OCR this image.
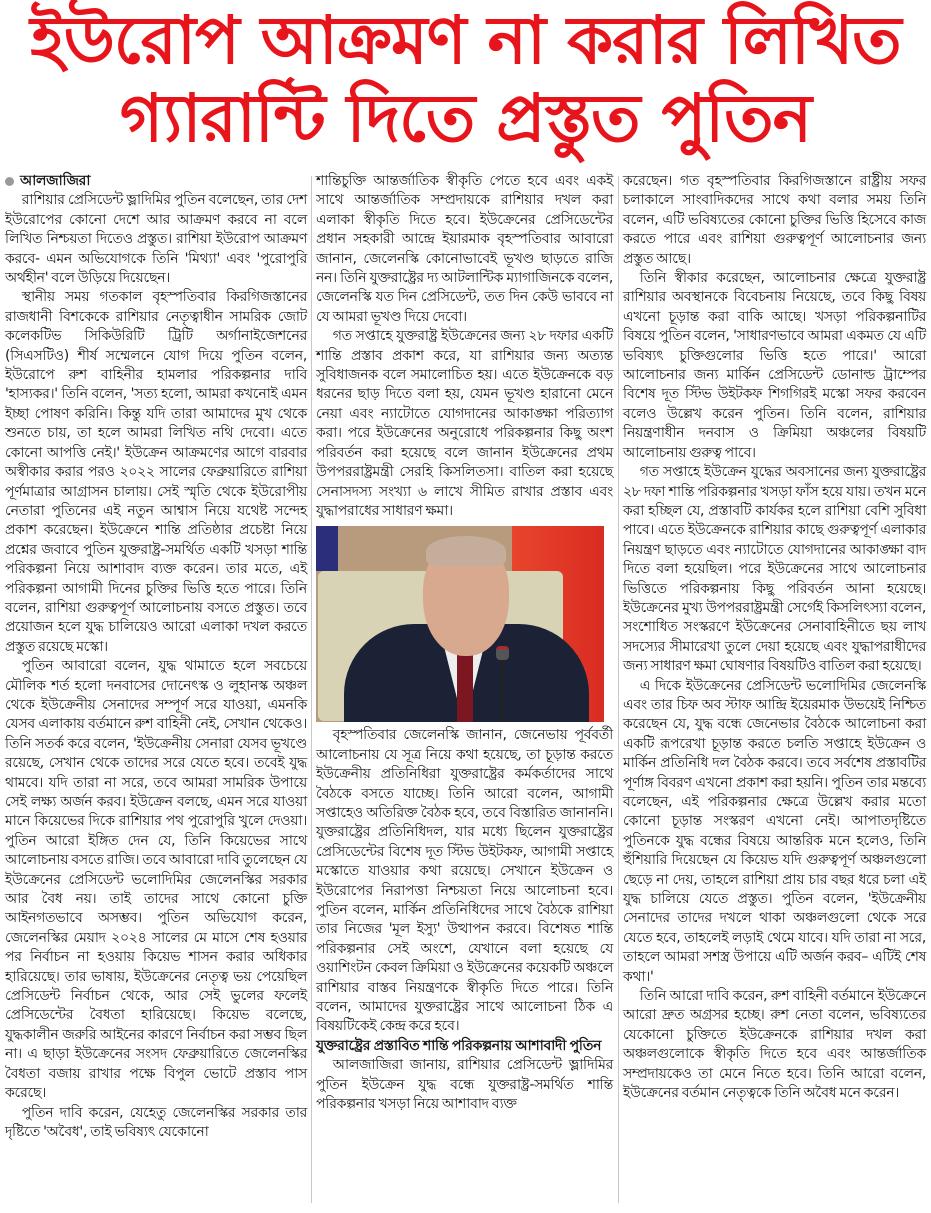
ইউরোপ আক্রমণ না করার লিখিত
গ্যারান্টি দিতে প্রস্তুত পুতিন

আলজাজিরা

রাশিয়ার প্রেসিডেন্ট ভ্লাদিমির পুতিন বলেছেন, তার দেশ ইউরোপের কোনো দেশে আর আক্রমণ করবে না বলে লিখিত নিশ্চয়তা দিতেও প্রস্তুত। রাশিয়া ইউরোপ আক্রমণ করবে- এমন অভিযোগকে তিনি 'মিথ্যা' এবং 'পুরোপুরি অর্থহীন' বলে উড়িয়ে দিয়েছেন।

স্থানীয় সময় গতকাল বৃহস্পতিবার কিরগিজস্তানের রাজধানী বিশকেকে রাশিয়ার নেতৃত্বাধীন সামরিক জোট কলেকটিভ সিকিউরিটি ট্রিটি অর্গানাইজেশনের (সিএসটিও) শীর্ষ সম্মেলনে যোগ দিয়ে পুতিন বলেন, ইউরোপে রুশ বাহিনীর হামলার পরিকল্পনার দাবি 'হাস্যকর।' তিনি বলেন, 'সত্য হলো, আমরা কখনোই এমন ইচ্ছা পোষণ করিনি। কিন্তু যদি তারা আমাদের মুখ থেকে শুনতে চায়, তা হলে আমরা লিখিত নথি দেবো। এতে কোনো আপত্তি নেই।' ইউক্রেন আক্রমণের আগে বারবার অস্বীকার করার পরও ২০২২ সালের ফেব্রুয়ারিতে রাশিয়া পূর্ণমাত্রার আগ্রাসন চালায়। সেই স্মৃতি থেকে ইউরোপীয় নেতারা পুতিনের এই নতুন আশ্বাস নিয়ে যথেষ্ট সন্দেহ প্রকাশ করেছেন। ইউক্রেনে শান্তি প্রতিষ্ঠার প্রচেষ্টা নিয়ে প্রশ্নের জবাবে পুতিন যুক্তরাষ্ট্র-সমর্থিত একটি খসড়া শান্তি পরিকল্পনা নিয়ে আশাবাদ ব্যক্ত করেন। তার মতে, এই পরিকল্পনা আগামী দিনের চুক্তির ভিত্তি হতে পারে। তিনি বলেন, রাশিয়া গুরুত্বপূর্ণ আলোচনায় বসতে প্রস্তুত। তবে প্রয়োজন হলে যুদ্ধ চালিয়েও আরো এলাকা দখল করতে প্রস্তুত রয়েছে মস্কো।

পুতিন আবারো বলেন, যুদ্ধ থামাতে হলে সবচেয়ে মৌলিক শর্ত হলো দনবাসের দোনেৎস্ক ও লুহানস্ক অঞ্চল থেকে ইউক্রেনীয় সেনাদের সম্পূর্ণ সরে যাওয়া, এমনকি যেসব এলাকায় বর্তমানে রুশ বাহিনী নেই, সেখান থেকেও। তিনি সতর্ক করে বলেন, 'ইউক্রেনীয় সেনারা যেসব ভূখণ্ডে রয়েছে, সেখান থেকে তাদের সরে যেতে হবে। তবেই যুদ্ধ থামবে। যদি তারা না সরে, তবে আমরা সামরিক উপায়ে সেই লক্ষ্য অর্জন করব। ইউক্রেন বলছে, এমন সরে যাওয়া মানে কিয়েভের দিকে রাশিয়ার পথ পুরোপুরি খুলে দেওয়া। পুতিন আরো ইঙ্গিত দেন যে, তিনি কিয়েভের সাথে আলোচনায় বসতে রাজি। তবে আবারো দাবি তুলেছেন যে ইউক্রেনের প্রেসিডেন্ট ভলোদিমির জেলেনস্কির সরকার আর বৈধ নয়। তাই তাদের সাথে কোনো চুক্তি আইনগতভাবে অসম্ভব। পুতিন অভিযোগ করেন, জেলেনস্কির মেয়াদ ২০২৪ সালের মে মাসে শেষ হওয়ার পর নির্বাচন না হওয়ায় কিয়েভ শাসন করার অধিকার হারিয়েছে। তার ভাষায়, ইউক্রেনের নেতৃত্ব ভয় পেয়েছিল প্রেসিডেন্ট নির্বাচন থেকে, আর সেই ভুলের ফলেই প্রেসিডেন্টের বৈধতা হারিয়েছে। কিয়েভ বলেছে, যুদ্ধকালীন জরুরি আইনের কারণে নির্বাচন করা সম্ভব ছিল না। এ ছাড়া ইউক্রেনের সংসদ ফেব্রুয়ারিতে জেলেনস্কির বৈধতা বজায় রাখার পক্ষে বিপুল ভোটে প্রস্তাব পাস করেছে।

পুতিন দাবি করেন, যেহেতু জেলেনস্কির সরকার তার দৃষ্টিতে 'অবৈধ', তাই ভবিষ্যৎ যেকোনো

শান্তিচুক্তি আন্তর্জাতিক স্বীকৃতি পেতে হবে এবং একই সাথে আন্তর্জাতিক সম্প্রদায়কে রাশিয়ার দখল করা এলাকা স্বীকৃতি দিতে হবে। ইউক্রেনের প্রেসিডেন্টের প্রধান সহকারী আন্দ্রে ইয়ারমাক বৃহস্পতিবার আবারো জানান, জেলেনস্কি কোনোভাবেই ভূখণ্ড ছাড়তে রাজি নন। তিনি যুক্তরাষ্ট্রের দ্য আটলান্টিক ম্যাগাজিনকে বলেন, জেলেনস্কি যত দিন প্রেসিডেন্ট, তত দিন কেউ ভাববে না যে আমরা ভূখণ্ড দিয়ে দেবো।

গত সপ্তাহে যুক্তরাষ্ট্র ইউক্রেনের জন্য ২৮ দফার একটি শান্তি প্রস্তাব প্রকাশ করে, যা রাশিয়ার জন্য অত্যন্ত সুবিধাজনক বলে সমালোচিত হয়। এতে ইউক্রেনকে বড় ধরনের ছাড় দিতে বলা হয়, যেমন ভূখণ্ড হারানো মেনে নেয়া এবং ন্যাটোতে যোগদানের আকাঙ্ক্ষা পরিত্যাগ করা। পরে ইউক্রেনের অনুরোধে পরিকল্পনার কিছু অংশ পরিবর্তন করা হয়েছে বলে জানান ইউক্রেনের প্রথম উপপররাষ্ট্রমন্ত্রী সেরহি কিসলিতসা। বাতিল করা হয়েছে সেনাসদস্য সংখ্যা ৬ লাখে সীমিত রাখার প্রস্তাব এবং যুদ্ধাপরাধের সাধারণ ক্ষমা।

বৃহস্পতিবার জেলেনস্কি জানান, জেনেভায় পূর্ববর্তী আলোচনায় যে সূত্র নিয়ে কথা হয়েছে, তা চূড়ান্ত করতে ইউক্রেনীয় প্রতিনিধিরা যুক্তরাষ্ট্রের কর্মকর্তাদের সাথে বৈঠকে বসতে যাচ্ছে। তিনি আরো বলেন, আগামী সপ্তাহেও অতিরিক্ত বৈঠক হবে, তবে বিস্তারিত জানাননি। যুক্তরাষ্ট্রের প্রতিনিধিদল, যার মধ্যে ছিলেন যুক্তরাষ্ট্রের প্রেসিডেন্টের বিশেষ দূত স্টিভ উইটকফ, আগামী সপ্তাহে মস্কোতে যাওয়ার কথা রয়েছে। সেখানে ইউক্রেন ও ইউরোপের নিরাপত্তা নিশ্চয়তা নিয়ে আলোচনা হবে। পুতিন বলেন, মার্কিন প্রতিনিধিদের সাথে বৈঠকে রাশিয়া তার নিজের 'মূল ইস্যু' উত্থাপন করবে। বিশেষত শান্তি পরিকল্পনার সেই অংশে, যেখানে বলা হয়েছে যে ওয়াশিংটন কেবল ক্রিমিয়া ও ইউক্রেনের কয়েকটি অঞ্চলে রাশিয়ার বাস্তব নিয়ন্ত্রণকে স্বীকৃতি দিতে পারে। তিনি বলেন, আমাদের যুক্তরাষ্ট্রের সাথে আলোচনা ঠিক এ বিষয়টিকেই কেন্দ্র করে হবে।

যুক্তরাষ্ট্রের প্রস্তাবিত শান্তি পরিকল্পনায় আশাবাদী পুতিন

আলজাজিরা জানায়, রাশিয়ার প্রেসিডেন্ট ভ্লাদিমির পুতিন ইউক্রেন যুদ্ধ বন্ধে যুক্তরাষ্ট্র-সমর্থিত শান্তি পরিকল্পনার খসড়া নিয়ে আশাবাদ ব্যক্ত

করেছেন। গত বৃহস্পতিবার কিরগিজস্তানে রাষ্ট্রীয় সফর চলাকালে সাংবাদিকদের সাথে কথা বলার সময় তিনি বলেন, এটি ভবিষ্যতের কোনো চুক্তির ভিত্তি হিসেবে কাজ করতে পারে এবং রাশিয়া গুরুত্বপূর্ণ আলোচনার জন্য প্রস্তুত আছে।

তিনি স্বীকার করেছেন, আলোচনার ক্ষেত্রে যুক্তরাষ্ট্র রাশিয়ার অবস্থানকে বিবেচনায় নিয়েছে, তবে কিছু বিষয় এখনো চূড়ান্ত করা বাকি আছে। খসড়া পরিকল্পনাটির বিষয়ে পুতিন বলেন, 'সাধারণভাবে আমরা একমত যে এটি ভবিষ্যৎ চুক্তিগুলোর ভিত্তি হতে পারে।' আরো আলোচনার জন্য মার্কিন প্রেসিডেন্ট ডোনাল্ড ট্রাম্পের বিশেষ দূত স্টিভ উইটকফ শিগগিরই মস্কো সফর করবেন বলেও উল্লেখ করেন পুতিন। তিনি বলেন, রাশিয়ার নিয়ন্ত্রণাধীন দনবাস ও ক্রিমিয়া অঞ্চলের বিষয়টি আলোচনায় গুরুত্ব পাবে।

গত সপ্তাহে ইউক্রেন যুদ্ধের অবসানের জন্য যুক্তরাষ্ট্রের ২৮ দফা শান্তি পরিকল্পনার খসড়া ফাঁস হয়ে যায়। তখন মনে করা হচ্ছিল যে, প্রস্তাবটি কার্যকর হলে রাশিয়া বেশি সুবিধা পাবে। এতে ইউক্রেনকে রাশিয়ার কাছে গুরুত্বপূর্ণ এলাকার নিয়ন্ত্রণ ছাড়তে এবং ন্যাটোতে যোগদানের আকাঙ্ক্ষা বাদ দিতে বলা হয়েছিল। পরে ইউক্রেনের সাথে আলোচনার ভিত্তিতে পরিকল্পনায় কিছু পরিবর্তন আনা হয়েছে। ইউক্রেনের মুখ্য উপপররাষ্ট্রমন্ত্রী সের্গেই কিসলিৎস্যা বলেন, সংশোধিত সংস্করণে ইউক্রেনের সেনাবাহিনীতে ছয় লাখ সদস্যের সীমারেখা তুলে দেয়া হয়েছে এবং যুদ্ধাপরাধীদের জন্য সাধারণ ক্ষমা ঘোষণার বিষয়টিও বাতিল করা হয়েছে।

এ দিকে ইউক্রেনের প্রেসিডেন্ট ভলোদিমির জেলেনস্কি এবং তার চিফ অব স্টাফ আন্দ্রি ইয়েরমাক উভয়েই নিশ্চিত করেছেন যে, যুদ্ধ বন্ধে জেনেভার বৈঠকে আলোচনা করা একটি রূপরেখা চূড়ান্ত করতে চলতি সপ্তাহে ইউক্রেন ও মার্কিন প্রতিনিধি দল বৈঠক করবে। তবে সর্বশেষ প্রস্তাবটির পূর্ণাঙ্গ বিবরণ এখনো প্রকাশ করা হয়নি। পুতিন তার মন্তব্যে বলেছেন, এই পরিকল্পনার ক্ষেত্রে উল্লেখ করার মতো কোনো চূড়ান্ত সংস্করণ এখনো নেই। আপাতদৃষ্টিতে পুতিনকে যুদ্ধ বন্ধের বিষয়ে আন্তরিক মনে হলেও, তিনি হুঁশিয়ারি দিয়েছেন যে কিয়েভ যদি গুরুত্বপূর্ণ অঞ্চলগুলো ছেড়ে না দেয়, তাহলে রাশিয়া প্রায় চার বছর ধরে চলা এই যুদ্ধ চালিয়ে যেতে প্রস্তুত। পুতিন বলেন, 'ইউক্রেনীয় সেনাদের তাদের দখলে থাকা অঞ্চলগুলো থেকে সরে যেতে হবে, তাহলেই লড়াই থেমে যাবে। যদি তারা না সরে, তাহলে আমরা সশস্ত্র উপায়ে এটি অর্জন করব– এটিই শেষ কথা।'

তিনি আরো দাবি করেন, রুশ বাহিনী বর্তমানে ইউক্রেনে আরো দ্রুত অগ্রসর হচ্ছে। রুশ নেতা বলেন, ভবিষ্যতের যেকোনো চুক্তিতে ইউক্রেনকে রাশিয়ার দখল করা অঞ্চলগুলোকে স্বীকৃতি দিতে হবে এবং আন্তর্জাতিক সম্প্রদায়কেও তা মেনে নিতে হবে। তিনি আরো বলেন, ইউক্রেনের বর্তমান নেতৃত্বকে তিনি অবৈধ মনে করেন।
